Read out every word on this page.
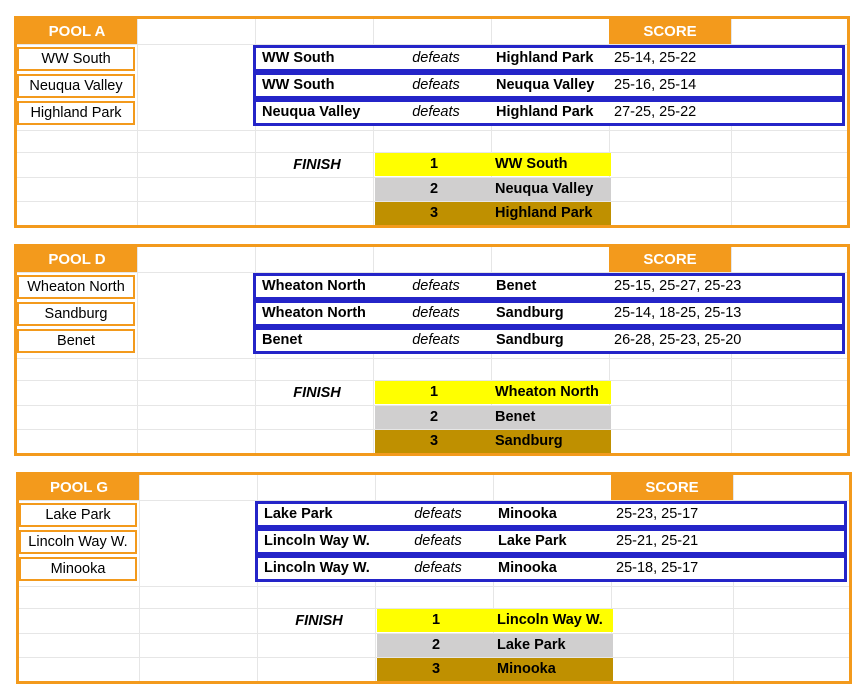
POOL A	SCORE
WW South
Neuqua Valley
Highland Park
WW South	defeats	Highland Park	25-14, 25-22
WW South	defeats	Neuqua Valley	25-16, 25-14
Neuqua Valley	defeats	Highland Park	27-25, 25-22
FINISH	1	WW South
2	Neuqua Valley
3	Highland Park
POOL D	SCORE
Wheaton North
Sandburg
Benet
Wheaton North	defeats	Benet	25-15, 25-27, 25-23
Wheaton North	defeats	Sandburg	25-14, 18-25, 25-13
Benet	defeats	Sandburg	26-28, 25-23, 25-20
FINISH	1	Wheaton North
2	Benet
3	Sandburg
POOL G	SCORE
Lake Park
Lincoln Way W.
Minooka
Lake Park	defeats	Minooka	25-23, 25-17
Lincoln Way W.	defeats	Lake Park	25-21, 25-21
Lincoln Way W.	defeats	Minooka	25-18, 25-17
FINISH	1	Lincoln Way W.
2	Lake Park
3	Minooka
